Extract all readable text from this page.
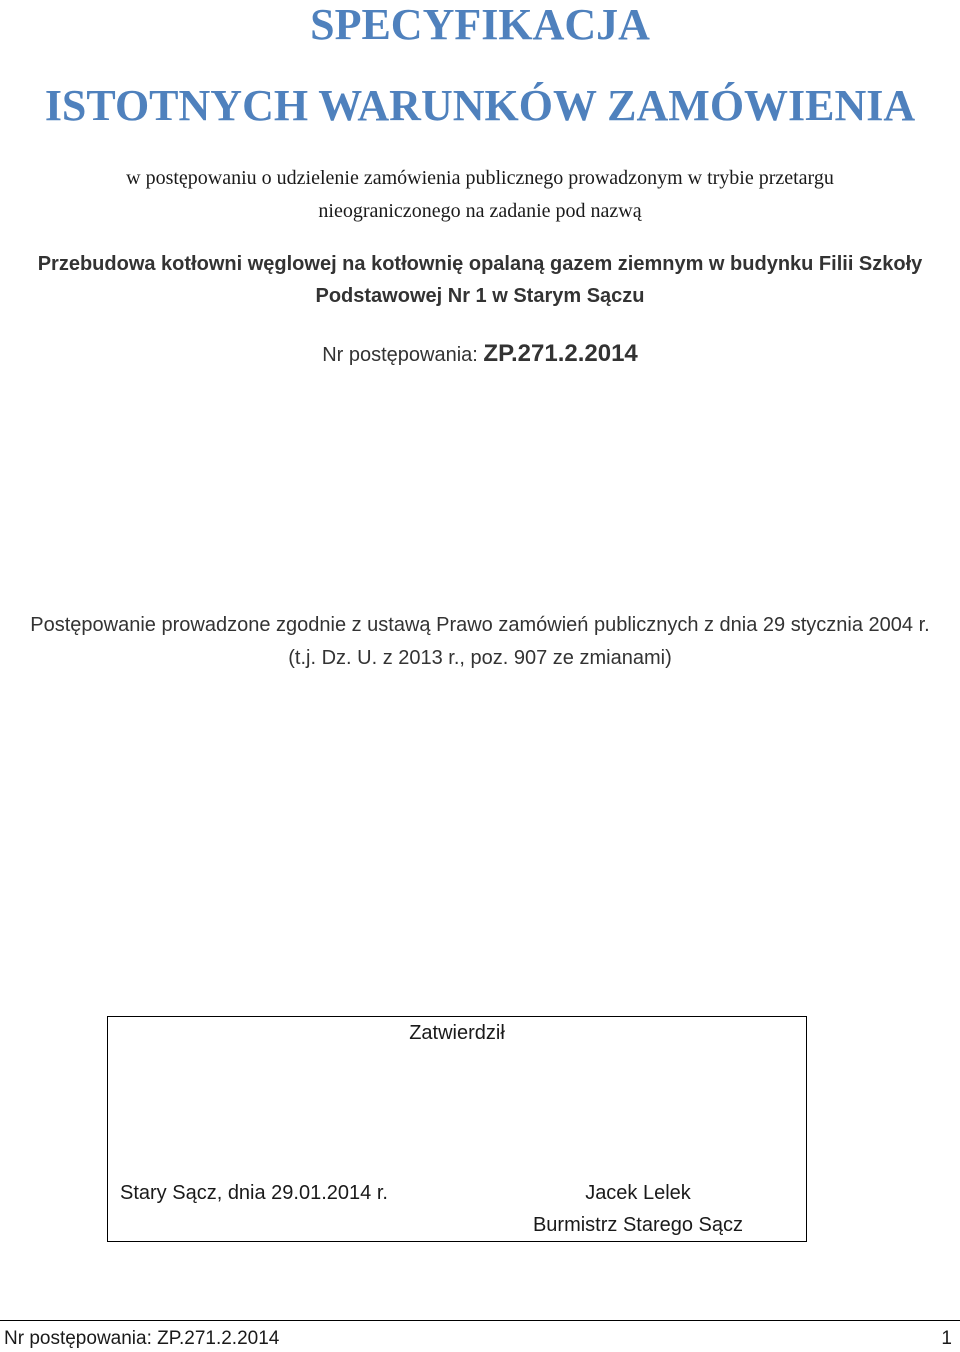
SPECYFIKACJA
ISTOTNYCH WARUNKÓW ZAMÓWIENIA
w postępowaniu o udzielenie zamówienia publicznego prowadzonym w trybie przetargu
nieograniczonego na zadanie pod nazwą
Przebudowa kotłowni węglowej na kotłownię opalaną gazem ziemnym w budynku Filii Szkoły
Podstawowej Nr 1 w Starym Sączu
Nr postępowania: ZP.271.2.2014
Postępowanie prowadzone zgodnie z ustawą Prawo zamówień publicznych z dnia 29 stycznia 2004 r.
(t.j. Dz. U. z 2013 r., poz. 907 ze zmianami)
Zatwierdził
Stary Sącz, dnia 29.01.2014 r.	Jacek Lelek
Burmistrz Starego Sącz
Nr postępowania: ZP.271.2.2014	1
